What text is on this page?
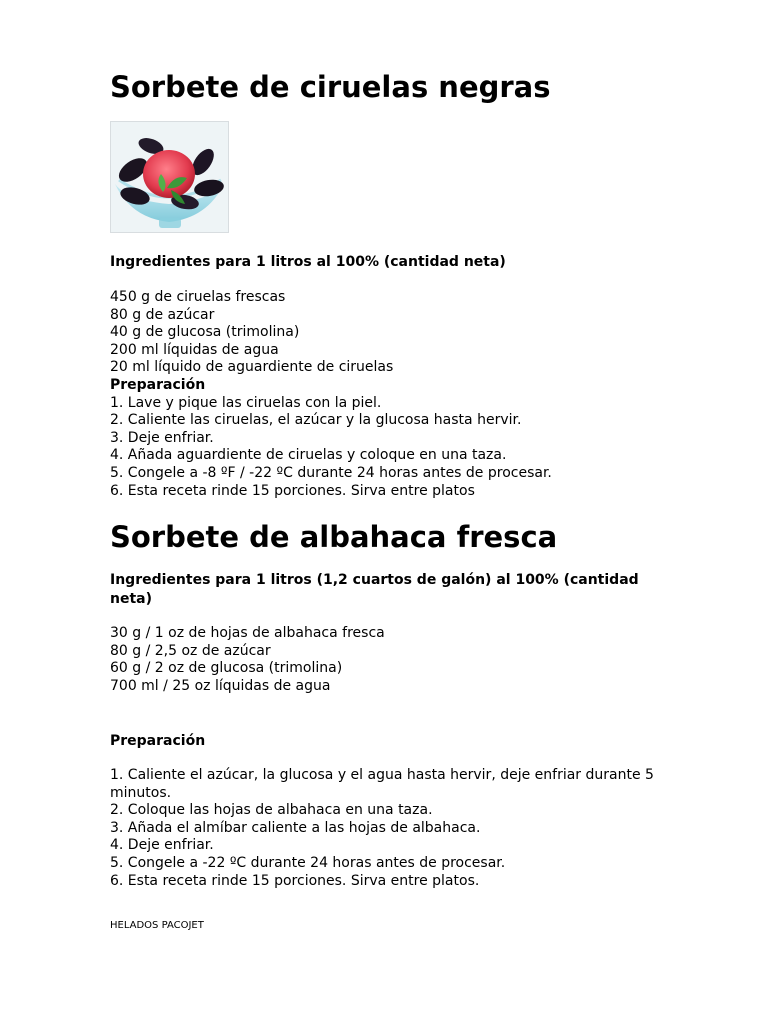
Sorbete de ciruelas negras

Ingredientes para 1 litros al 100% (cantidad neta)

450 g de ciruelas frescas
80 g de azúcar
40 g de glucosa (trimolina)
200 ml líquidas de agua
20 ml líquido de aguardiente de ciruelas
Preparación
1. Lave y pique las ciruelas con la piel.
2. Caliente las ciruelas, el azúcar y la glucosa hasta hervir.
3. Deje enfriar.
4. Añada aguardiente de ciruelas y coloque en una taza.
5. Congele a -8 ºF / -22 ºC durante 24 horas antes de procesar.
6. Esta receta rinde 15 porciones. Sirva entre platos
Sorbete de albahaca fresca

Ingredientes para 1 litros (1,2 cuartos de galón) al 100% (cantidad neta)

30 g / 1 oz de hojas de albahaca fresca
80 g / 2,5 oz de azúcar
60 g / 2 oz de glucosa (trimolina)
700 ml / 25 oz líquidas de agua

Preparación

1. Caliente el azúcar, la glucosa y el agua hasta hervir, deje enfriar durante 5 minutos.
2. Coloque las hojas de albahaca en una taza.
3. Añada el almíbar caliente a las hojas de albahaca.
4. Deje enfriar.
5. Congele a -22 ºC durante 24 horas antes de procesar.
6. Esta receta rinde 15 porciones. Sirva entre platos.
HELADOS PACOJET
